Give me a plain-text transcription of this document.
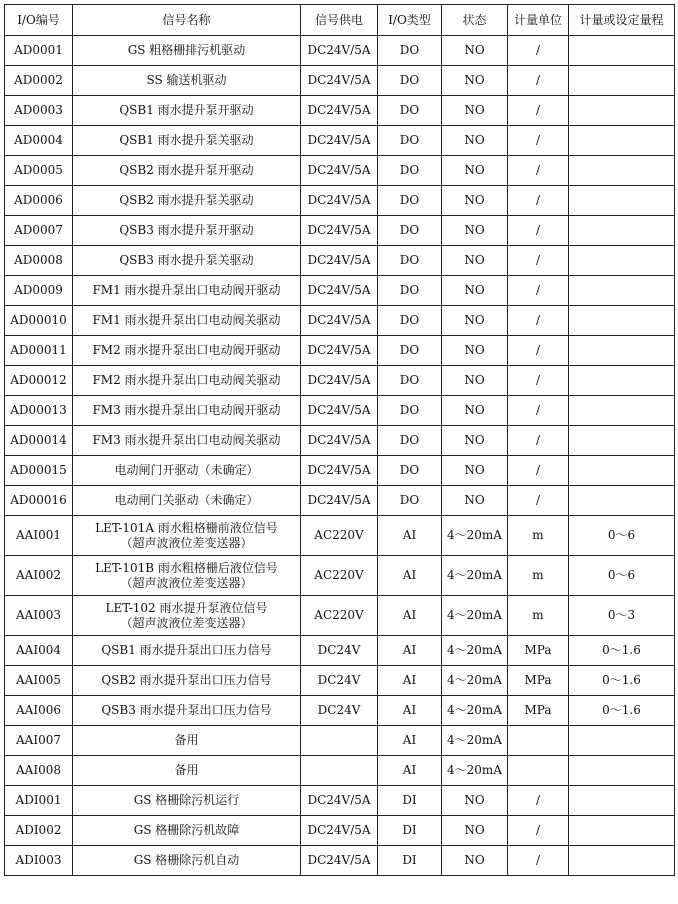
I/O编号	信号名称	信号供电	I/O类型	状态	计量单位	计量或设定量程
AD0001	GS 粗格栅排污机驱动	DC24V/5A	DO	NO	/	
AD0002	SS 输送机驱动	DC24V/5A	DO	NO	/	
AD0003	QSB1 雨水提升泵开驱动	DC24V/5A	DO	NO	/	
AD0004	QSB1 雨水提升泵关驱动	DC24V/5A	DO	NO	/	
AD0005	QSB2 雨水提升泵开驱动	DC24V/5A	DO	NO	/	
AD0006	QSB2 雨水提升泵关驱动	DC24V/5A	DO	NO	/	
AD0007	QSB3 雨水提升泵开驱动	DC24V/5A	DO	NO	/	
AD0008	QSB3 雨水提升泵关驱动	DC24V/5A	DO	NO	/	
AD0009	FM1 雨水提升泵出口电动阀开驱动	DC24V/5A	DO	NO	/	
AD00010	FM1 雨水提升泵出口电动阀关驱动	DC24V/5A	DO	NO	/	
AD00011	FM2 雨水提升泵出口电动阀开驱动	DC24V/5A	DO	NO	/	
AD00012	FM2 雨水提升泵出口电动阀关驱动	DC24V/5A	DO	NO	/	
AD00013	FM3 雨水提升泵出口电动阀开驱动	DC24V/5A	DO	NO	/	
AD00014	FM3 雨水提升泵出口电动阀关驱动	DC24V/5A	DO	NO	/	
AD00015	电动闸门开驱动（未确定）	DC24V/5A	DO	NO	/	
AD00016	电动闸门关驱动（未确定）	DC24V/5A	DO	NO	/	
AAI001	LET-101A 雨水粗格栅前液位信号
（超声波液位差变送器）	AC220V	AI	4～20mA	m	0～6
AAI002	LET-101B 雨水粗格栅后液位信号
（超声波液位差变送器）	AC220V	AI	4～20mA	m	0～6
AAI003	LET-102 雨水提升泵液位信号
（超声波液位差变送器）	AC220V	AI	4～20mA	m	0～3
AAI004	QSB1 雨水提升泵出口压力信号	DC24V	AI	4～20mA	MPa	0～1.6
AAI005	QSB2 雨水提升泵出口压力信号	DC24V	AI	4～20mA	MPa	0～1.6
AAI006	QSB3 雨水提升泵出口压力信号	DC24V	AI	4～20mA	MPa	0～1.6
AAI007	备用		AI	4～20mA		
AAI008	备用		AI	4～20mA		
ADI001	GS 格栅除污机运行	DC24V/5A	DI	NO	/	
ADI002	GS 格栅除污机故障	DC24V/5A	DI	NO	/	
ADI003	GS 格栅除污机自动	DC24V/5A	DI	NO	/	
